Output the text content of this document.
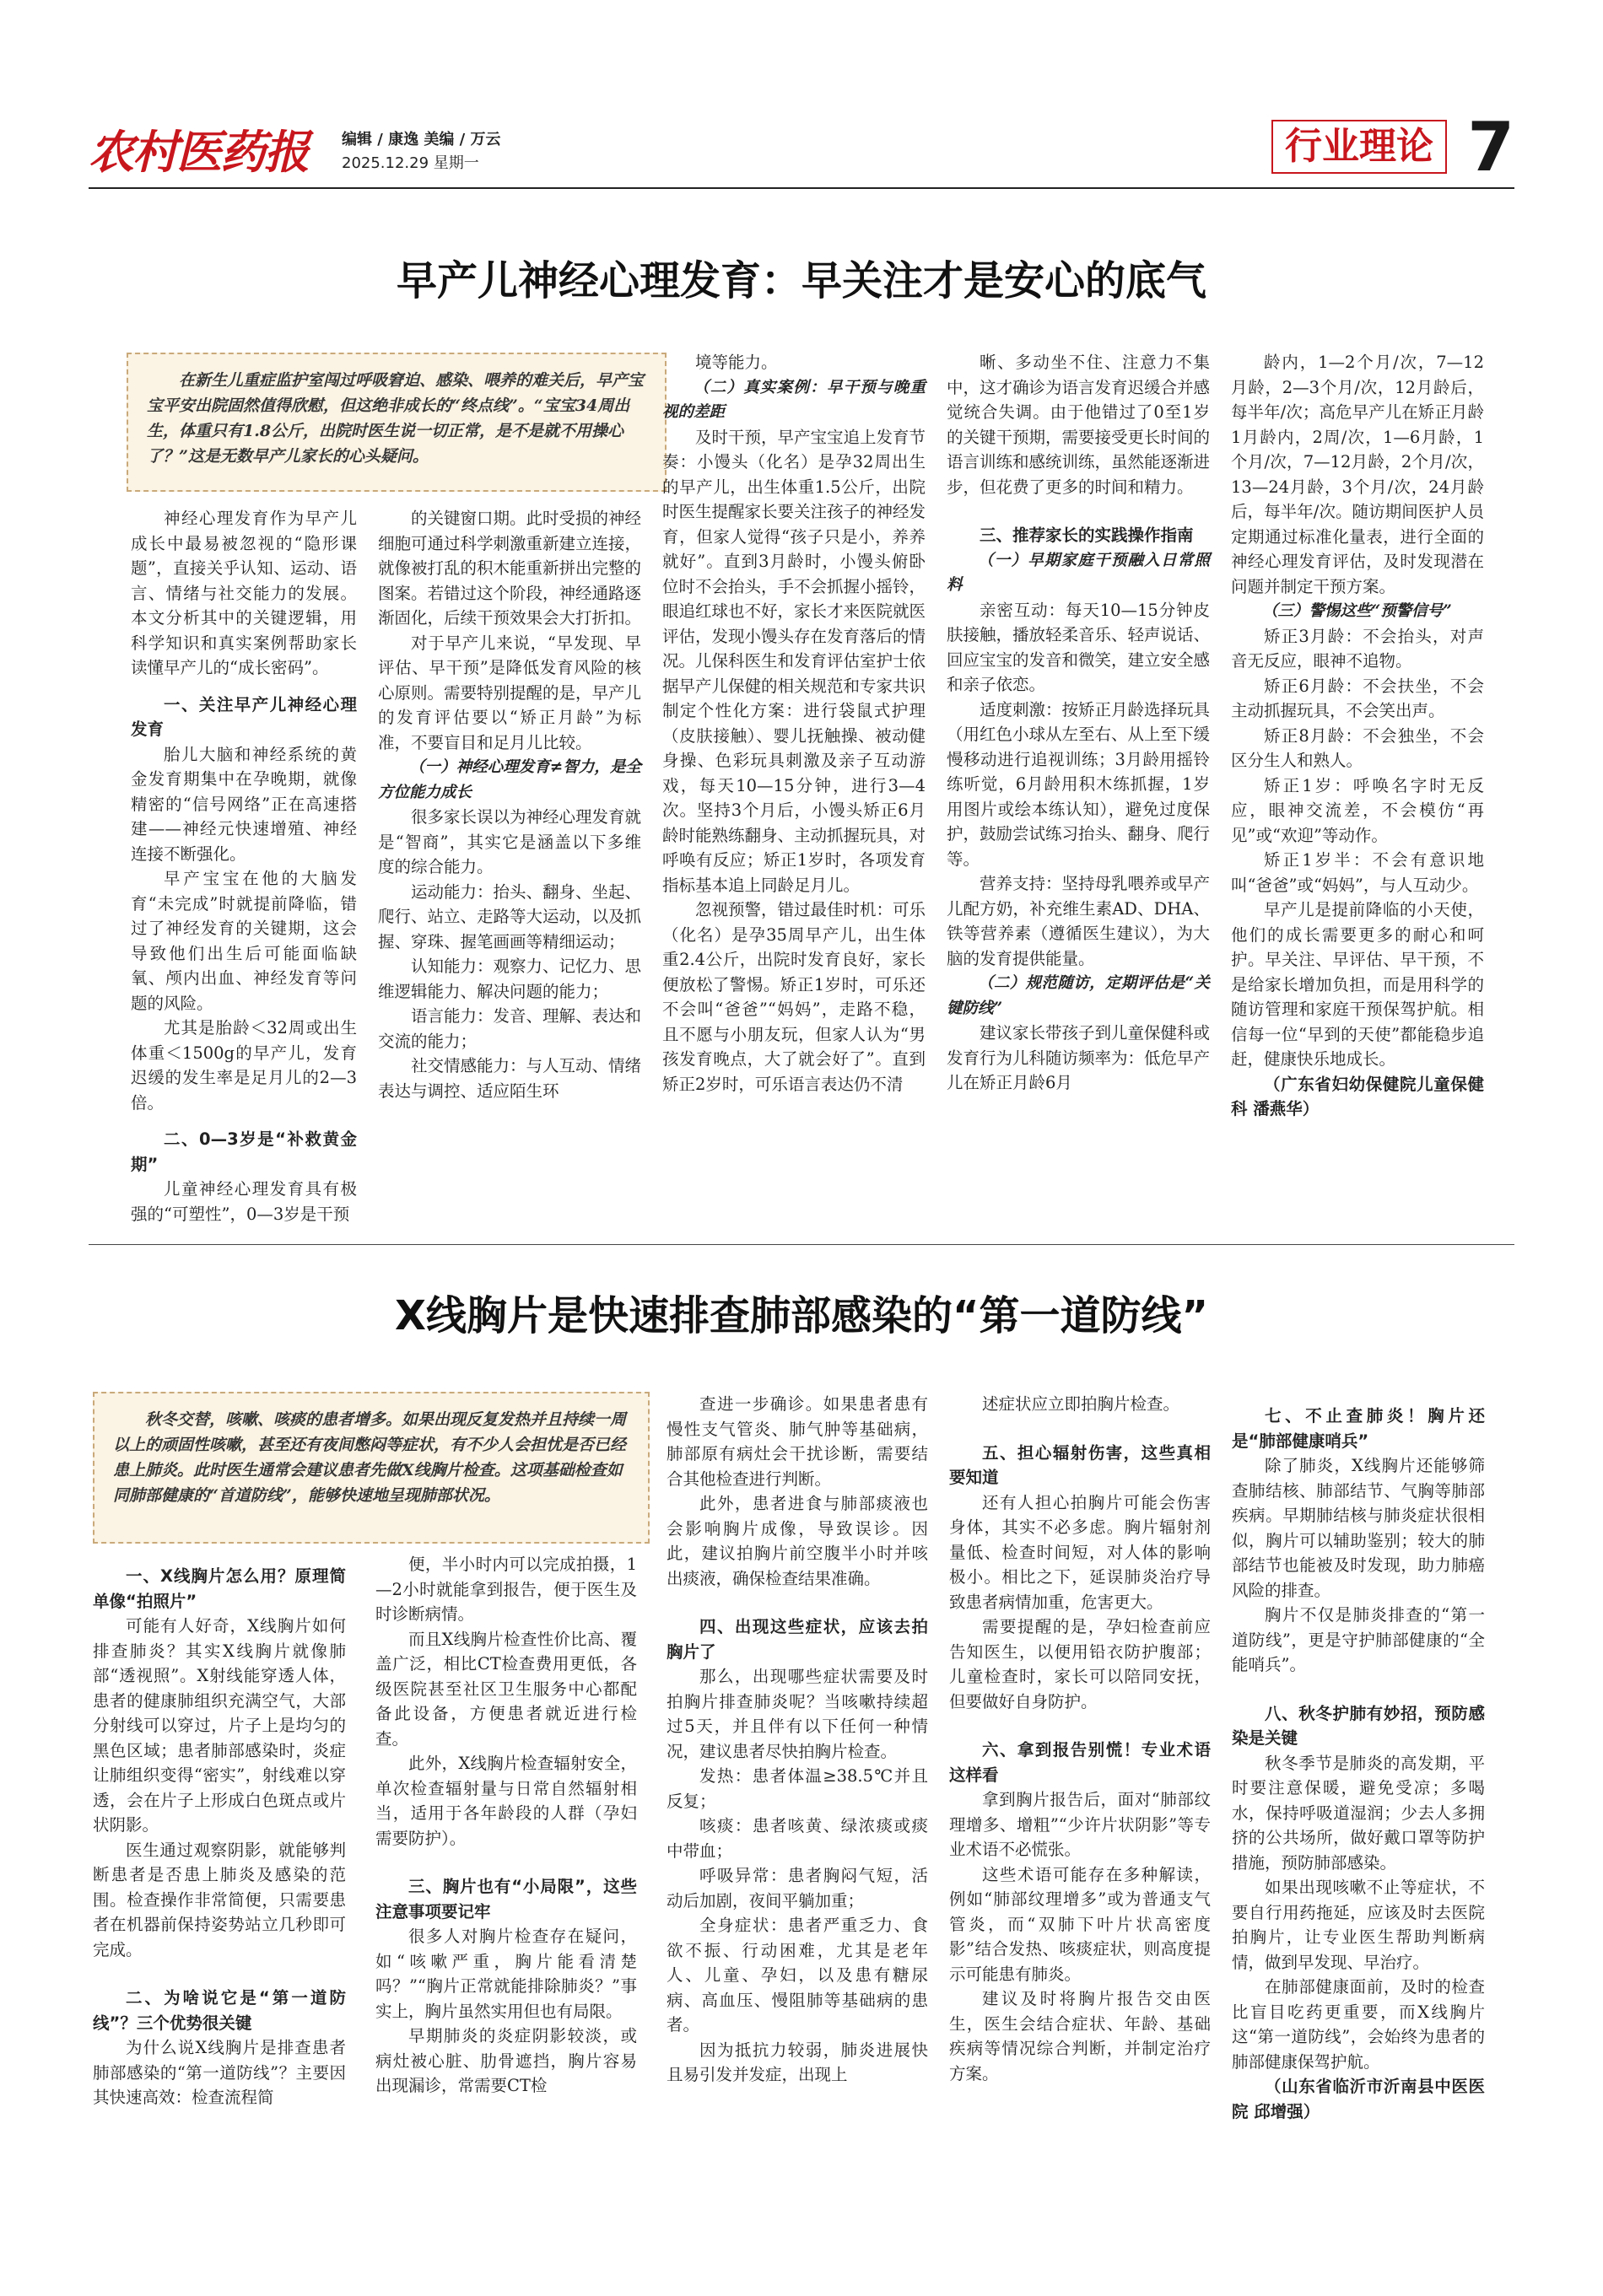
农村医药报 编辑 / 康逸 美编 / 万云
2025.12.29 星期一	行业理论 7
早产儿神经心理发育：早关注才是安心的底气
在新生儿重症监护室闯过呼吸窘迫、感染、喂养的难关后，早产宝宝平安出院固然值得欣慰，但这绝非成长的“终点线”。“宝宝34周出生，体重只有1.8公斤，出院时医生说一切正常，是不是就不用操心了？”这是无数早产儿家长的心头疑问。

神经心理发育作为早产儿成长中最易被忽视的“隐形课题”，直接关乎认知、运动、语言、情绪与社交能力的发展。本文分析其中的关键逻辑，用科学知识和真实案例帮助家长读懂早产儿的“成长密码”。

一、关注早产儿神经心理发育

胎儿大脑和神经系统的黄金发育期集中在孕晚期，就像精密的“信号网络”正在高速搭建——神经元快速增殖、神经连接不断强化。

早产宝宝在他的大脑发育“未完成”时就提前降临，错过了神经发育的关键期，这会导致他们出生后可能面临缺氧、颅内出血、神经发育等问题的风险。

尤其是胎龄＜32周或出生体重＜1500g的早产儿，发育迟缓的发生率是足月儿的2—3倍。

二、0—3岁是“补救黄金期”

儿童神经心理发育具有极强的“可塑性”，0—3岁是干预

的关键窗口期。此时受损的神经细胞可通过科学刺激重新建立连接，就像被打乱的积木能重新拼出完整的图案。若错过这个阶段，神经通路逐渐固化，后续干预效果会大打折扣。

对于早产儿来说，“早发现、早评估、早干预”是降低发育风险的核心原则。需要特别提醒的是，早产儿的发育评估要以“矫正月龄”为标准，不要盲目和足月儿比较。

（一）神经心理发育≠智力，是全方位能力成长

很多家长误以为神经心理发育就是“智商”，其实它是涵盖以下多维度的综合能力。

运动能力：抬头、翻身、坐起、爬行、站立、走路等大运动，以及抓握、穿珠、握笔画画等精细运动；

认知能力：观察力、记忆力、思维逻辑能力、解决问题的能力；

语言能力：发音、理解、表达和交流的能力；

社交情感能力：与人互动、情绪表达与调控、适应陌生环

境等能力。

（二）真实案例：早干预与晚重视的差距

及时干预，早产宝宝追上发育节奏：小馒头（化名）是孕32周出生的早产儿，出生体重1.5公斤，出院时医生提醒家长要关注孩子的神经发育，但家人觉得“孩子只是小，养养就好”。直到3月龄时，小馒头俯卧位时不会抬头，手不会抓握小摇铃，眼追红球也不好，家长才来医院就医评估，发现小馒头存在发育落后的情况。儿保科医生和发育评估室护士依据早产儿保健的相关规范和专家共识制定个性化方案：进行袋鼠式护理（皮肤接触）、婴儿抚触操、被动健身操、色彩玩具刺激及亲子互动游戏，每天10—15分钟，进行3—4次。坚持3个月后，小馒头矫正6月龄时能熟练翻身、主动抓握玩具，对呼唤有反应；矫正1岁时，各项发育指标基本追上同龄足月儿。

忽视预警，错过最佳时机：可乐（化名）是孕35周早产儿，出生体重2.4公斤，出院时发育良好，家长便放松了警惕。矫正1岁时，可乐还不会叫“爸爸”“妈妈”，走路不稳，且不愿与小朋友玩，但家人认为“男孩发育晚点，大了就会好了”。直到矫正2岁时，可乐语言表达仍不清

晰、多动坐不住、注意力不集中，这才确诊为语言发育迟缓合并感觉统合失调。由于他错过了0至1岁的关键干预期，需要接受更长时间的语言训练和感统训练，虽然能逐渐进步，但花费了更多的时间和精力。

三、推荐家长的实践操作指南
（一）早期家庭干预融入日常照料

亲密互动：每天10—15分钟皮肤接触，播放轻柔音乐、轻声说话、回应宝宝的发音和微笑，建立安全感和亲子依恋。

适度刺激：按矫正月龄选择玩具（用红色小球从左至右、从上至下缓慢移动进行追视训练；3月龄用摇铃练听觉，6月龄用积木练抓握，1岁用图片或绘本练认知），避免过度保护，鼓励尝试练习抬头、翻身、爬行等。

营养支持：坚持母乳喂养或早产儿配方奶，补充维生素AD、DHA、铁等营养素（遵循医生建议），为大脑的发育提供能量。

（二）规范随访，定期评估是“关键防线”

建议家长带孩子到儿童保健科或发育行为儿科随访频率为：低危早产儿在矫正月龄6月

龄内，1—2个月/次，7—12月龄，2—3个月/次，12月龄后，每半年/次；高危早产儿在矫正月龄1月龄内，2周/次，1—6月龄，1个月/次，7—12月龄，2个月/次，13—24月龄，3个月/次，24月龄后，每半年/次。随访期间医护人员定期通过标准化量表，进行全面的神经心理发育评估，及时发现潜在问题并制定干预方案。

（三）警惕这些“预警信号”

矫正3月龄：不会抬头，对声音无反应，眼神不追物。

矫正6月龄：不会扶坐，不会主动抓握玩具，不会笑出声。

矫正8月龄：不会独坐，不会区分生人和熟人。

矫正1岁：呼唤名字时无反应，眼神交流差，不会模仿“再见”或“欢迎”等动作。

矫正1岁半：不会有意识地叫“爸爸”或“妈妈”，与人互动少。

早产儿是提前降临的小天使，他们的成长需要更多的耐心和呵护。早关注、早评估、早干预，不是给家长增加负担，而是用科学的随访管理和家庭干预保驾护航。相信每一位“早到的天使”都能稳步追赶，健康快乐地成长。

（广东省妇幼保健院儿童保健科 潘燕华）

X线胸片是快速排查肺部感染的“第一道防线”
秋冬交替，咳嗽、咳痰的患者增多。如果出现反复发热并且持续一周以上的顽固性咳嗽，甚至还有夜间憋闷等症状，有不少人会担忧是否已经患上肺炎。此时医生通常会建议患者先做X线胸片检查。这项基础检查如同肺部健康的“首道防线”，能够快速地呈现肺部状况。
一、X线胸片怎么用？原理简单像“拍照片”

可能有人好奇，X线胸片如何排查肺炎？其实X线胸片就像肺部“透视照”。X射线能穿透人体，患者的健康肺组织充满空气，大部分射线可以穿过，片子上是均匀的黑色区域；患者肺部感染时，炎症让肺组织变得“密实”，射线难以穿透，会在片子上形成白色斑点或片状阴影。

医生通过观察阴影，就能够判断患者是否患上肺炎及感染的范围。检查操作非常简便，只需要患者在机器前保持姿势站立几秒即可完成。

二、为啥说它是“第一道防线”？三个优势很关键

为什么说X线胸片是排查患者肺部感染的“第一道防线”？主要因其快速高效：检查流程简

便，半小时内可以完成拍摄，1—2小时就能拿到报告，便于医生及时诊断病情。

而且X线胸片检查性价比高、覆盖广泛，相比CT检查费用更低，各级医院甚至社区卫生服务中心都配备此设备，方便患者就近进行检查。

此外，X线胸片检查辐射安全，单次检查辐射量与日常自然辐射相当，适用于各年龄段的人群（孕妇需要防护）。

三、胸片也有“小局限”，这些注意事项要记牢

很多人对胸片检查存在疑问，如“咳嗽严重，胸片能看清楚吗？”“胸片正常就能排除肺炎？”事实上，胸片虽然实用但也有局限。

早期肺炎的炎症阴影较淡，或病灶被心脏、肋骨遮挡，胸片容易出现漏诊，常需要CT检

查进一步确诊。如果患者患有慢性支气管炎、肺气肿等基础病，肺部原有病灶会干扰诊断，需要结合其他检查进行判断。

此外，患者进食与肺部痰液也会影响胸片成像，导致误诊。因此，建议拍胸片前空腹半小时并咳出痰液，确保检查结果准确。

四、出现这些症状，应该去拍胸片了

那么，出现哪些症状需要及时拍胸片排查肺炎呢？当咳嗽持续超过5天，并且伴有以下任何一种情况，建议患者尽快拍胸片检查。

发热：患者体温≥38.5℃并且反复；

咳痰：患者咳黄、绿浓痰或痰中带血；

呼吸异常：患者胸闷气短，活动后加剧，夜间平躺加重；

全身症状：患者严重乏力、食欲不振、行动困难，尤其是老年人、儿童、孕妇，以及患有糖尿病、高血压、慢阻肺等基础病的患者。

因为抵抗力较弱，肺炎进展快且易引发并发症，出现上

述症状应立即拍胸片检查。

五、担心辐射伤害，这些真相要知道

还有人担心拍胸片可能会伤害身体，其实不必多虑。胸片辐射剂量低、检查时间短，对人体的影响极小。相比之下，延误肺炎治疗导致患者病情加重，危害更大。

需要提醒的是，孕妇检查前应告知医生，以便用铅衣防护腹部；儿童检查时，家长可以陪同安抚，但要做好自身防护。

六、拿到报告别慌！专业术语这样看

拿到胸片报告后，面对“肺部纹理增多、增粗”“少许片状阴影”等专业术语不必慌张。

这些术语可能存在多种解读，例如“肺部纹理增多”或为普通支气管炎，而“双肺下叶片状高密度影”结合发热、咳痰症状，则高度提示可能患有肺炎。

建议及时将胸片报告交由医生，医生会结合症状、年龄、基础疾病等情况综合判断，并制定治疗方案。

七、不止查肺炎！胸片还是“肺部健康哨兵”

除了肺炎，X线胸片还能够筛查肺结核、肺部结节、气胸等肺部疾病。早期肺结核与肺炎症状很相似，胸片可以辅助鉴别；较大的肺部结节也能被及时发现，助力肺癌风险的排查。

胸片不仅是肺炎排查的“第一道防线”，更是守护肺部健康的“全能哨兵”。

八、秋冬护肺有妙招，预防感染是关键

秋冬季节是肺炎的高发期，平时要注意保暖，避免受凉；多喝水，保持呼吸道湿润；少去人多拥挤的公共场所，做好戴口罩等防护措施，预防肺部感染。

如果出现咳嗽不止等症状，不要自行用药拖延，应该及时去医院拍胸片，让专业医生帮助判断病情，做到早发现、早治疗。

在肺部健康面前，及时的检查比盲目吃药更重要，而X线胸片这“第一道防线”，会始终为患者的肺部健康保驾护航。

（山东省临沂市沂南县中医医院 邱增强）
